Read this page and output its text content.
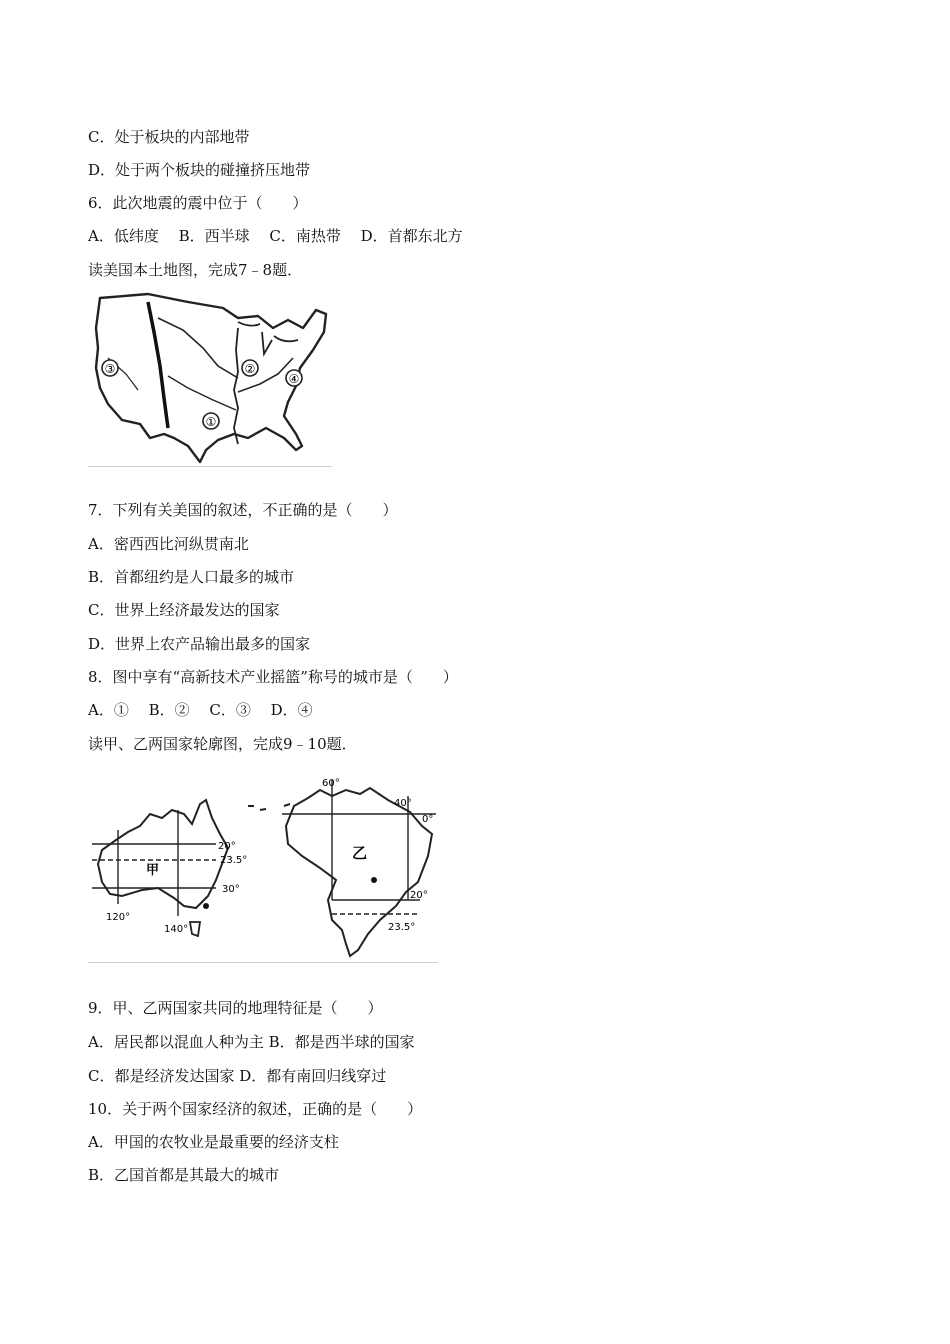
C．处于板块的内部地带
D．处于两个板块的碰撞挤压地带
6．此次地震的震中位于（　　）
A．低纬度　 B．西半球　 C．南热带　 D．首都东北方
读美国本土地图，完成7﹣8题．
①
②
③
④
7．下列有关美国的叙述，不正确的是（　　）
A．密西西比河纵贯南北
B．首都纽约是人口最多的城市
C．世界上经济最发达的国家
D．世界上农产品输出最多的国家
8．图中享有“高新技术产业摇篮”称号的城市是（　　）
A．①　 B．②　 C．③　 D．④
读甲、乙两国家轮廓图，完成9﹣10题．
甲
20°
23.5°
30°
120°
140°
乙
60°
40°
0°
20°
23.5°
9．甲、乙两国家共同的地理特征是（　　）
A．居民都以混血人种为主 B．都是西半球的国家
C．都是经济发达国家 D．都有南回归线穿过
10．关于两个国家经济的叙述，正确的是（　　）
A．甲国的农牧业是最重要的经济支柱
B．乙国首都是其最大的城市
